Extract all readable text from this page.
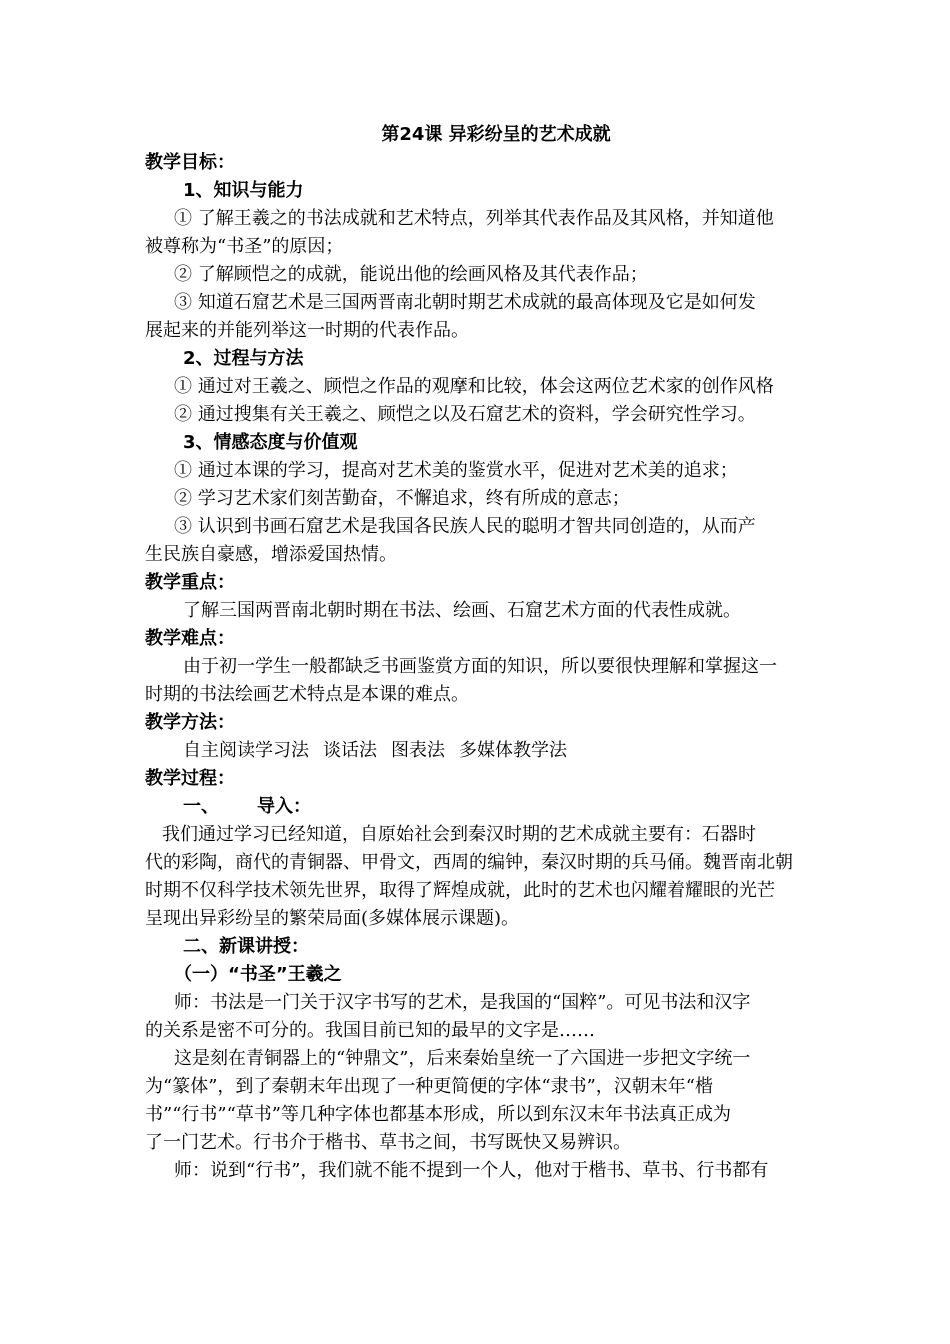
第24课 异彩纷呈的艺术成就
教学目标：
1、知识与能力
① 了解王羲之的书法成就和艺术特点，列举其代表作品及其风格，并知道他
被尊称为“书圣”的原因；
② 了解顾恺之的成就，能说出他的绘画风格及其代表作品；
③ 知道石窟艺术是三国两晋南北朝时期艺术成就的最高体现及它是如何发
展起来的并能列举这一时期的代表作品。
2、过程与方法
① 通过对王羲之、顾恺之作品的观摩和比较，体会这两位艺术家的创作风格
② 通过搜集有关王羲之、顾恺之以及石窟艺术的资料，学会研究性学习。
3、情感态度与价值观
① 通过本课的学习，提高对艺术美的鉴赏水平，促进对艺术美的追求；
② 学习艺术家们刻苦勤奋，不懈追求，终有所成的意志；
③ 认识到书画石窟艺术是我国各民族人民的聪明才智共同创造的，从而产
生民族自豪感，增添爱国热情。
教学重点：
了解三国两晋南北朝时期在书法、绘画、石窟艺术方面的代表性成就。
教学难点：
由于初一学生一般都缺乏书画鉴赏方面的知识，所以要很快理解和掌握这一
时期的书法绘画艺术特点是本课的难点。
教学方法：
自主阅读学习法 谈话法 图表法 多媒体教学法
教学过程：
一、 导入：
我们通过学习已经知道，自原始社会到秦汉时期的艺术成就主要有：石器时
代的彩陶，商代的青铜器、甲骨文，西周的编钟，秦汉时期的兵马俑。魏晋南北朝
时期不仅科学技术领先世界，取得了辉煌成就，此时的艺术也闪耀着耀眼的光芒
呈现出异彩纷呈的繁荣局面(多媒体展示课题)。
二、新课讲授：
（一）“书圣”王羲之
师：书法是一门关于汉字书写的艺术，是我国的“国粹”。可见书法和汉字
的关系是密不可分的。我国目前已知的最早的文字是……
这是刻在青铜器上的“钟鼎文”，后来秦始皇统一了六国进一步把文字统一
为“篆体”，到了秦朝末年出现了一种更简便的字体“隶书”，汉朝末年“楷
书”“行书”“草书”等几种字体也都基本形成，所以到东汉末年书法真正成为
了一门艺术。行书介于楷书、草书之间，书写既快又易辨识。
师：说到“行书”，我们就不能不提到一个人，他对于楷书、草书、行书都有
